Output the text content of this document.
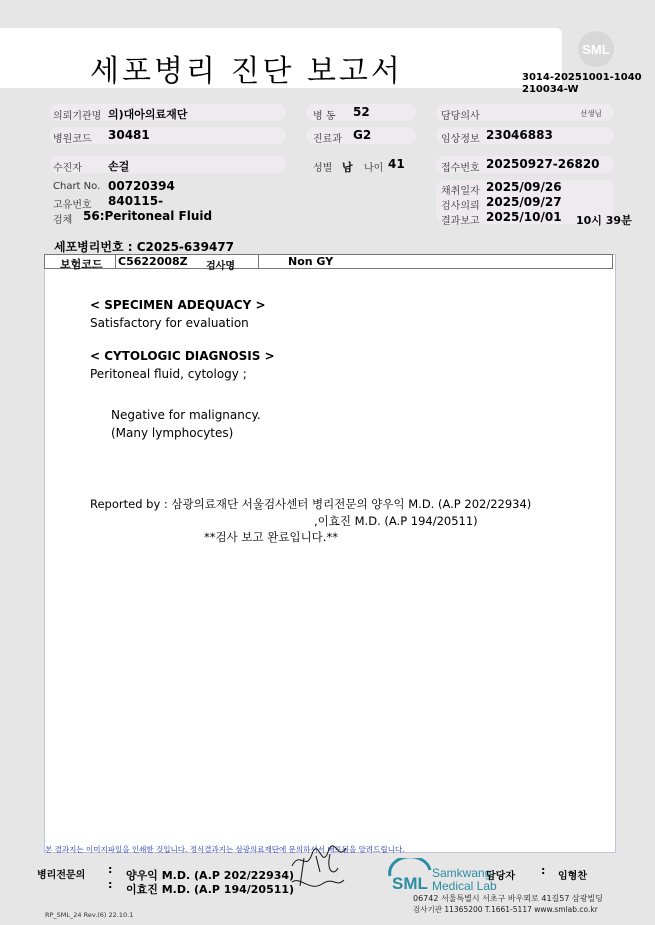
세포병리 진단 보고서	3014-20251001-1040
210034-W
SML
의뢰기관명 의)대아의료재단	병 동 52	담당의사	선생님
병원코드 30481	진료과 G2	임상정보 23046883
수진자 손걸	성별 남 나이 41	접수번호 20250927-26820
Chart No. 00720394
고유번호 840115-
검체 56:Peritoneal Fluid
채취일자 2025/09/26
검사의뢰 2025/09/27
결과보고 2025/10/01 10시 39분
세포병리번호 : C2025-639477
보험코드 C5622008Z 검사명	Non GY
< SPECIMEN ADEQUACY >
Satisfactory for evaluation
< CYTOLOGIC DIAGNOSIS >
Peritoneal fluid, cytology ;
Negative for malignancy.
(Many lymphocytes)
Reported by : 삼광의료재단 서울검사센터 병리전문의 양우익 M.D. (A.P 202/22934)
,이효진 M.D. (A.P 194/20511)
**검사 보고 완료입니다.**
본 결과지는 이미지파일을 인쇄한 것입니다. 정식결과지는 삼광의료재단에 문의하셔서 배포됨을 알려드립니다.
병리전문의 : 양우익 M.D. (A.P 202/22934)
: 이효진 M.D. (A.P 194/20511)	SML
Samkwang
Medical Lab
담당자 : 임형찬
06742 서울특별시 서초구 바우뫼로 41길57 삼광빌딩
검사기관 11365200 T.1661-5117 www.smlab.co.kr
RP_SML_24 Rev.(6) 22.10.1
